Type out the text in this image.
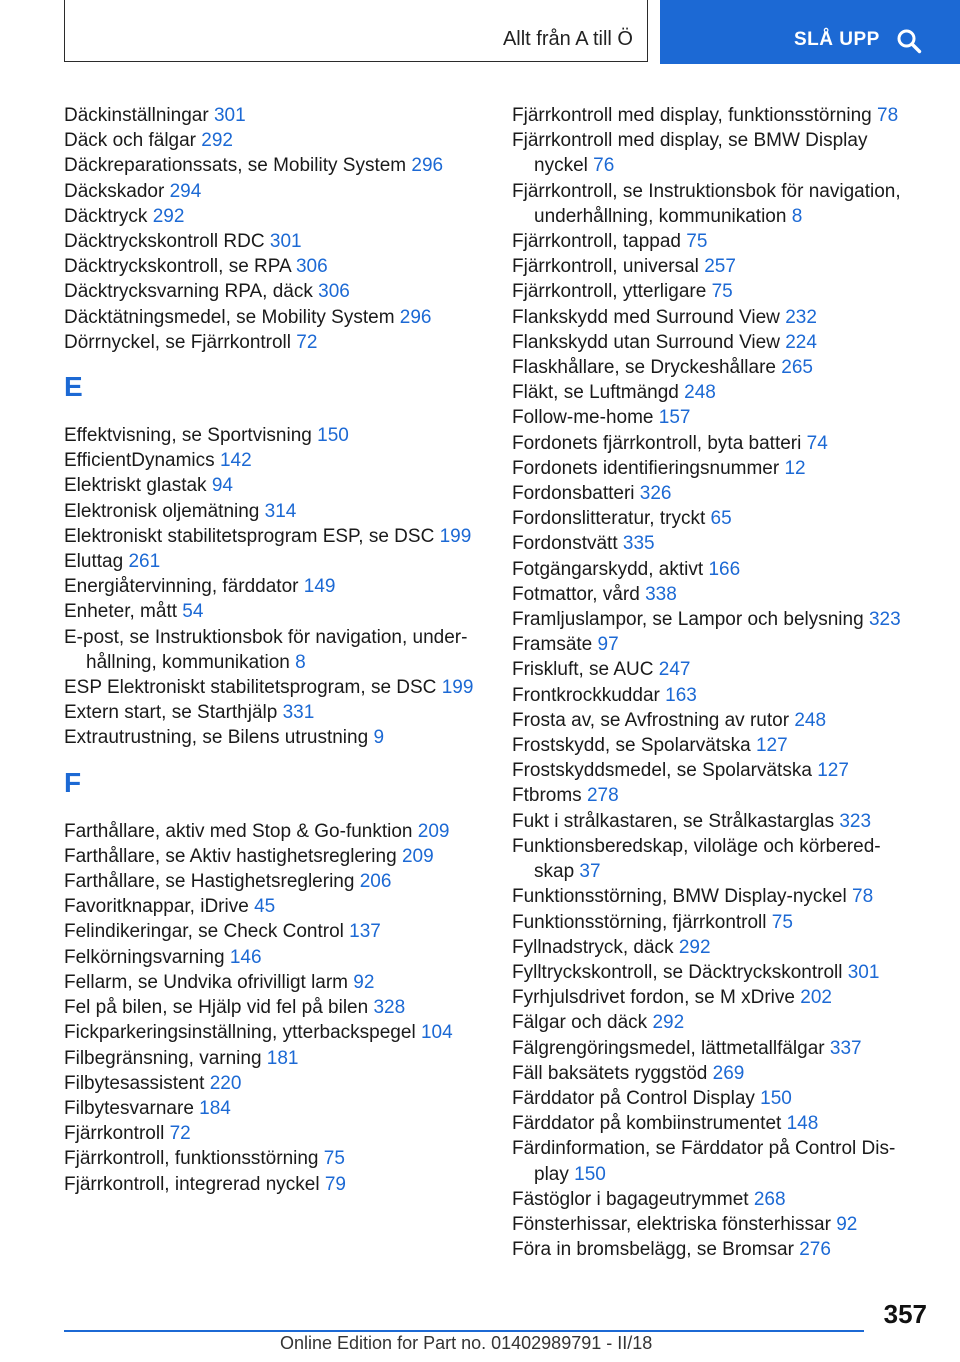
Allt från A till Ö	SLÅ UPP
Däckinställningar 301
Däck och fälgar 292
Däckreparationssats, se Mobility System 296
Däckskador 294
Däcktryck 292
Däcktryckskontroll RDC 301
Däcktryckskontroll, se RPA 306
Däcktrycksvarning RPA, däck 306
Däcktätningsmedel, se Mobility System 296
Dörrnyckel, se Fjärrkontroll 72
E
Effektvisning, se Sportvisning 150
EfficientDynamics 142
Elektriskt glastak 94
Elektronisk oljemätning 314
Elektroniskt stabilitetsprogram ESP, se DSC 199
Eluttag 261
Energiåtervinning, färddator 149
Enheter, mått 54
E-post, se Instruktionsbok för navigation, under-hållning, kommunikation 8
ESP Elektroniskt stabilitetsprogram, se DSC 199
Extern start, se Starthjälp 331
Extrautrustning, se Bilens utrustning 9
F
Farthållare, aktiv med Stop & Go-funktion 209
Farthållare, se Aktiv hastighetsreglering 209
Farthållare, se Hastighetsreglering 206
Favoritknappar, iDrive 45
Felindikeringar, se Check Control 137
Felkörningsvarning 146
Fellarm, se Undvika ofrivilligt larm 92
Fel på bilen, se Hjälp vid fel på bilen 328
Fickparkeringsinställning, ytterbackspegel 104
Filbegränsning, varning 181
Filbytesassistent 220
Filbytesvarnare 184
Fjärrkontroll 72
Fjärrkontroll, funktionsstörning 75
Fjärrkontroll, integrerad nyckel 79
Fjärrkontroll med display, funktionsstörning 78
Fjärrkontroll med display, se BMW Display nyckel 76
Fjärrkontroll, se Instruktionsbok för navigation, underhållning, kommunikation 8
Fjärrkontroll, tappad 75
Fjärrkontroll, universal 257
Fjärrkontroll, ytterligare 75
Flankskydd med Surround View 232
Flankskydd utan Surround View 224
Flaskhållare, se Dryckeshållare 265
Fläkt, se Luftmängd 248
Follow-me-home 157
Fordonets fjärrkontroll, byta batteri 74
Fordonets identifieringsnummer 12
Fordonsbatteri 326
Fordonslitteratur, tryckt 65
Fordonstvätt 335
Fotgängarskydd, aktivt 166
Fotmattor, vård 338
Framljuslampor, se Lampor och belysning 323
Framsäte 97
Friskluft, se AUC 247
Frontkrockkuddar 163
Frosta av, se Avfrostning av rutor 248
Frostskydd, se Spolarvätska 127
Frostskyddsmedel, se Spolarvätska 127
Ftbroms 278
Fukt i strålkastaren, se Strålkastarglas 323
Funktionsberedskap, viloläge och körbered-skap 37
Funktionsstörning, BMW Display-nyckel 78
Funktionsstörning, fjärrkontroll 75
Fyllnadstryck, däck 292
Fylltryckskontroll, se Däcktryckskontroll 301
Fyrhjulsdrivet fordon, se M xDrive 202
Fälgar och däck 292
Fälgrengöringsmedel, lättmetallfälgar 337
Fäll baksätets ryggstöd 269
Färddator på Control Display 150
Färddator på kombiinstrumentet 148
Färdinformation, se Färddator på Control Dis-play 150
Fästöglor i bagageutrymmet 268
Fönsterhissar, elektriska fönsterhissar 92
Föra in bromsbelägg, se Bromsar 276
357
Online Edition for Part no. 01402989791 - II/18
